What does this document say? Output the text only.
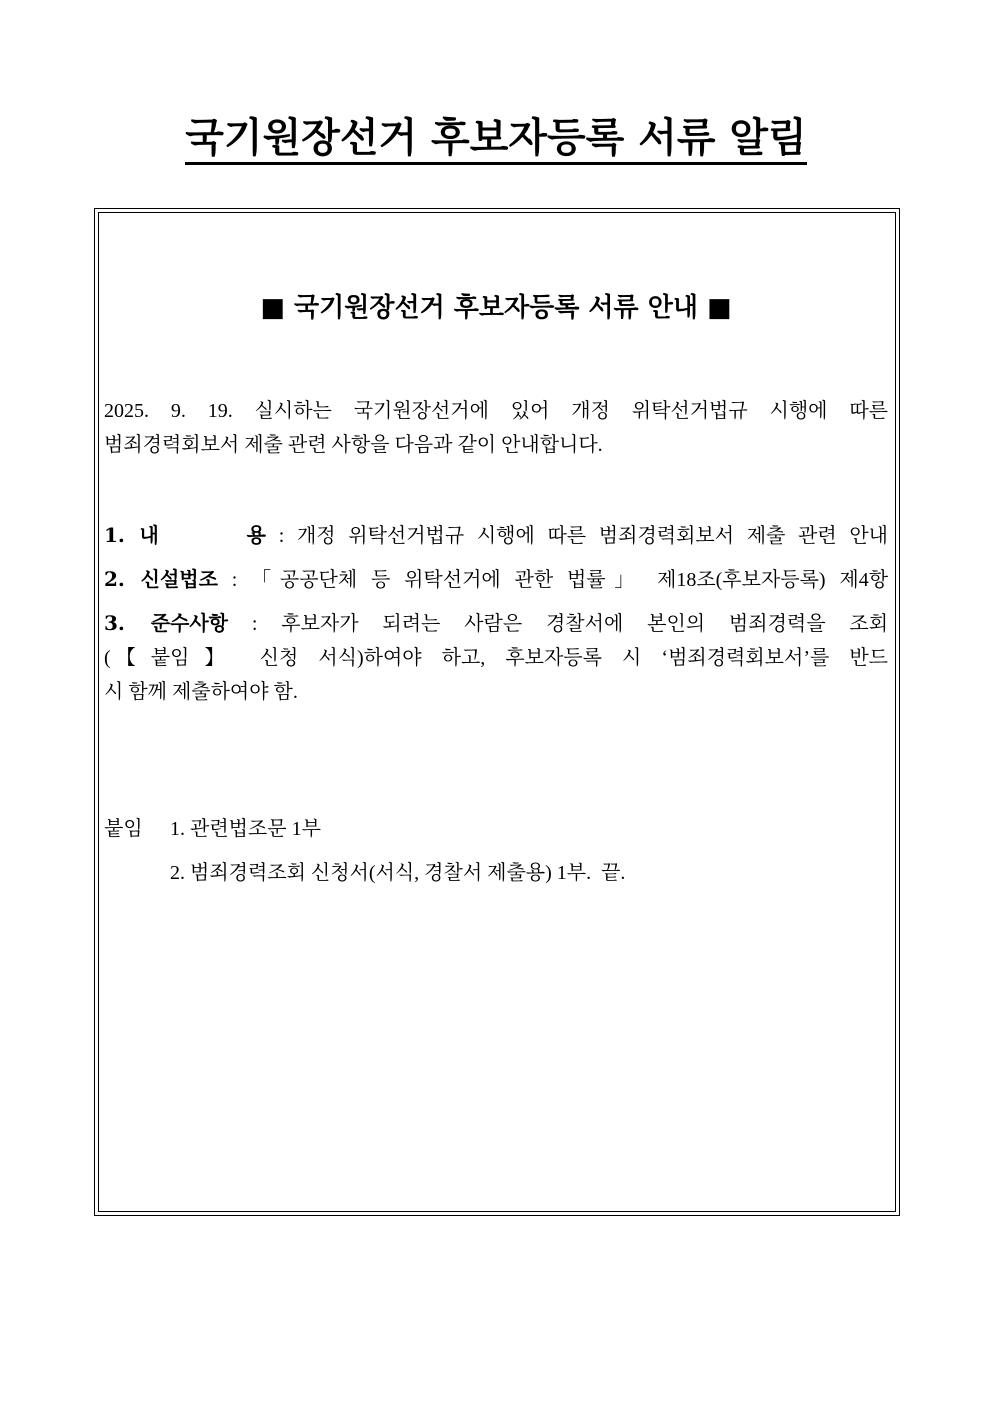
국기원장선거 후보자등록 서류 알림
■ 국기원장선거 후보자등록 서류 안내 ■
2025. 9. 19. 실시하는 국기원장선거에 있어 개정 위탁선거법규 시행에 따른
범죄경력회보서 제출 관련 사항을 다음과 같이 안내합니다.
1. 내      용 : 개정 위탁선거법규 시행에 따른 범죄경력회보서 제출 관련 안내
2. 신설법조 : 「공공단체 등 위탁선거에 관한 법률」 제18조(후보자등록) 제4항
3. 준수사항 : 후보자가 되려는 사람은 경찰서에 본인의 범죄경력을 조회
(【붙임】 신청 서식)하여야 하고, 후보자등록 시 ‘범죄경력회보서’를 반드
시 함께 제출하여야 함.
붙임 1. 관련법조문 1부
2. 범죄경력조회 신청서(서식, 경찰서 제출용) 1부.  끝.
